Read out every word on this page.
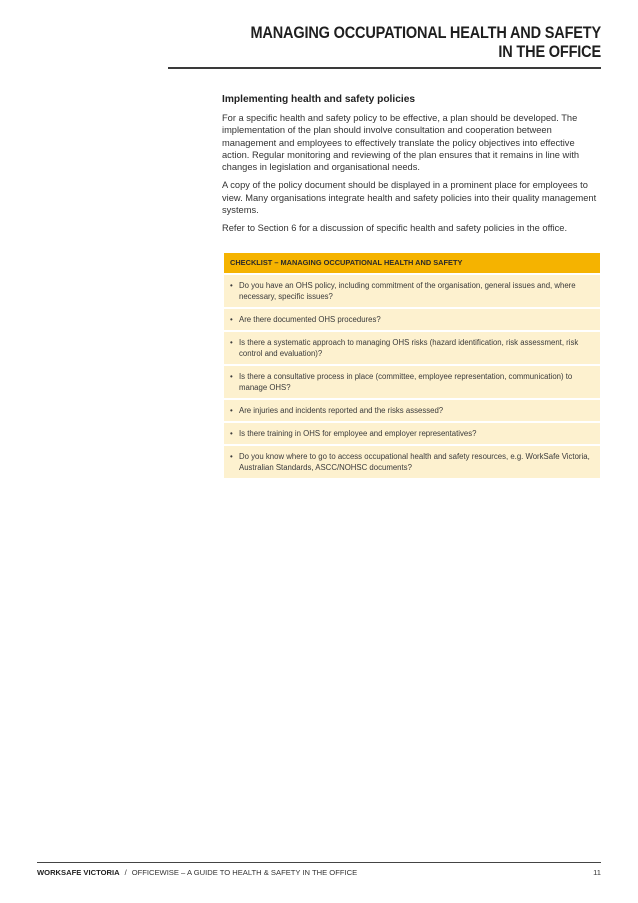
MANAGING OCCUPATIONAL HEALTH AND SAFETY
IN THE OFFICE
Implementing health and safety policies

For a specific health and safety policy to be effective, a plan should be developed. The implementation of the plan should involve consultation and cooperation between management and employees to effectively translate the policy objectives into effective action. Regular monitoring and reviewing of the plan ensures that it remains in line with changes in legislation and organisational needs.

A copy of the policy document should be displayed in a prominent place for employees to view. Many organisations integrate health and safety policies into their quality management systems.

Refer to Section 6 for a discussion of specific health and safety policies in the office.

CHECKLIST – MANAGING OCCUPATIONAL HEALTH AND SAFETY
• Do you have an OHS policy, including commitment of the organisation, general issues and, where necessary, specific issues?
• Are there documented OHS procedures?
• Is there a systematic approach to managing OHS risks (hazard identification, risk assessment, risk control and evaluation)?
• Is there a consultative process in place (committee, employee representation, communication) to manage OHS?
• Are injuries and incidents reported and the risks assessed?
• Is there training in OHS for employee and employer representatives?
• Do you know where to go to access occupational health and safety resources, e.g. WorkSafe Victoria, Australian Standards, ASCC/NOHSC documents?
WORKSAFE VICTORIA / OFFICEWISE – A GUIDE TO HEALTH & SAFETY IN THE OFFICE	11
